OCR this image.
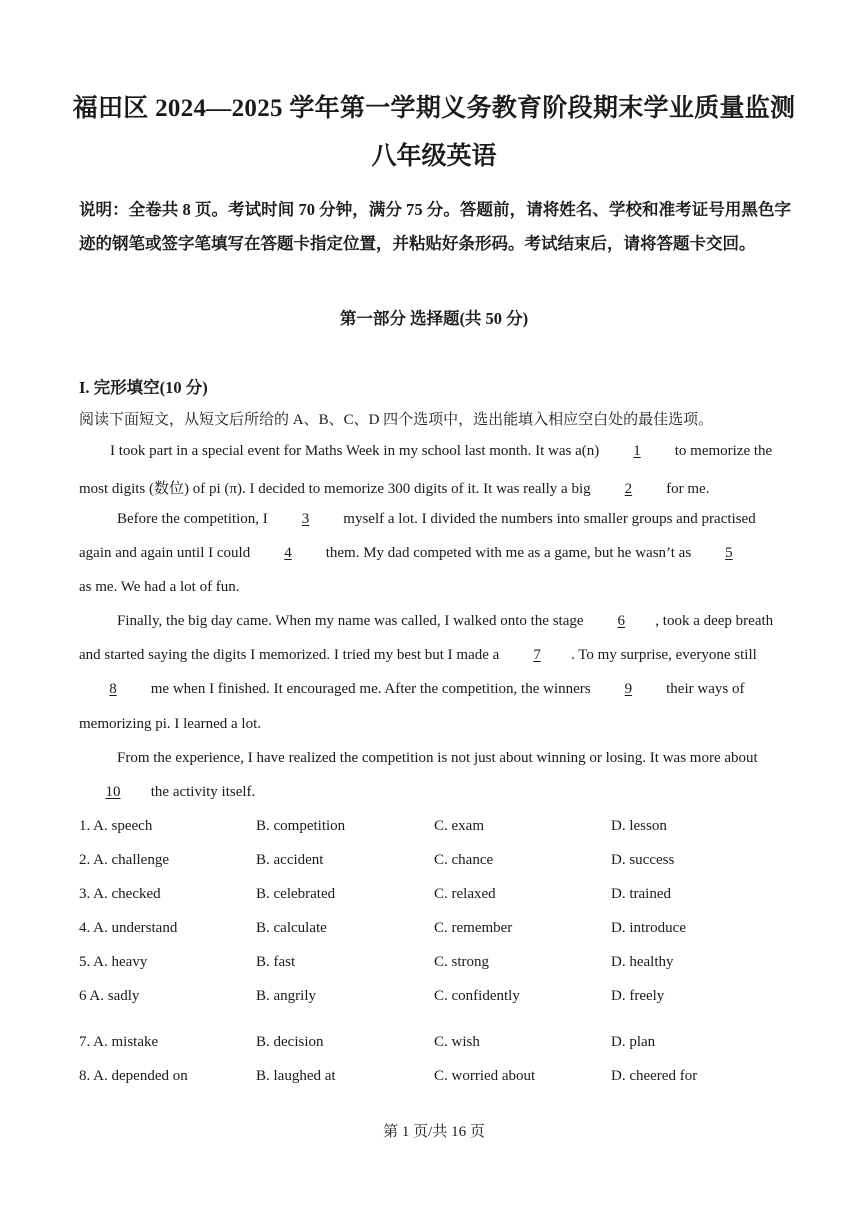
福田区 2024—2025 学年第一学期义务教育阶段期末学业质量监测
八年级英语
说明：全卷共 8 页。考试时间 70 分钟，满分 75 分。答题前，请将姓名、学校和准考证号用黑色字迹的钢笔或签字笔填写在答题卡指定位置，并粘贴好条形码。考试结束后，请将答题卡交回。
第一部分 选择题(共 50 分)
I. 完形填空(10 分)
阅读下面短文，从短文后所给的 A、B、C、D 四个选项中，选出能填入相应空白处的最佳选项。
I took part in a special event for Maths Week in my school last month. It was a(n) 1 to memorize the
most digits (数位) of pi (π). I decided to memorize 300 digits of it. It was really a big 2 for me.
Before the competition, I 3 myself a lot. I divided the numbers into smaller groups and practised
again and again until I could 4 them. My dad competed with me as a game, but he wasn’t as 5
as me. We had a lot of fun.
Finally, the big day came. When my name was called, I walked onto the stage 6 , took a deep breath
and started saying the digits I memorized. I tried my best but I made a 7 . To my surprise, everyone still
8 me when I finished. It encouraged me. After the competition, the winners 9 their ways of
memorizing pi. I learned a lot.
From the experience, I have realized the competition is not just about winning or losing. It was more about
10 the activity itself.
1. A. speech	B. competition	C. exam	D. lesson
2. A. challenge	B. accident	C. chance	D. success
3. A. checked	B. celebrated	C. relaxed	D. trained
4. A. understand	B. calculate	C. remember	D. introduce
5. A. heavy	B. fast	C. strong	D. healthy
6 A. sadly	B. angrily	C. confidently	D. freely
7. A. mistake	B. decision	C. wish	D. plan
8. A. depended on	B. laughed at	C. worried about	D. cheered for
第 1 页/共 16 页
